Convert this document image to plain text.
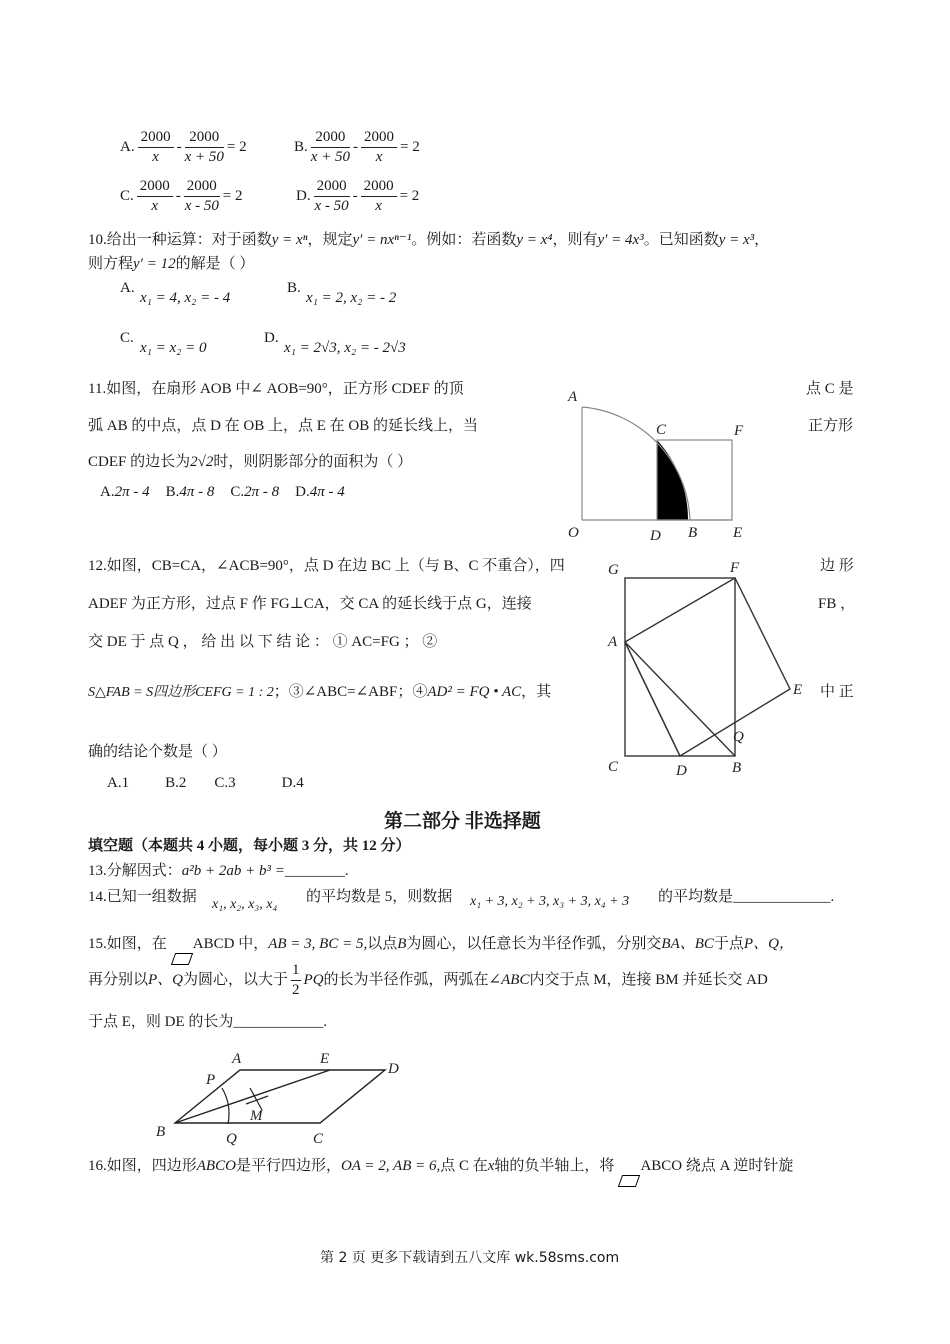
A. $\frac{2000}{x} - \frac{2000}{x + 50} = 2$	B. $\frac{2000}{x + 50} - \frac{2000}{x} = 2$
C. $\frac{2000}{x} - \frac{2000}{x - 50} = 2$	D. $\frac{2000}{x - 50} - \frac{2000}{x} = 2$
10.给出一种运算：对于函数y = xⁿ，规定y′ = nxⁿ⁻¹。例如：若函数y = x⁴，则有y′ = 4x³。已知函数y = x³，
则方程y′ = 12的解是（ ）
A.
x₁ = 4, x₂ = - 4
B.
x₁ = 2, x₂ = - 2
C.
x₁ = x₂ = 0
D.
x₁ = 2√3, x₂ = - 2√3
11.如图，在扇形 AOB 中∠ AOB=90°，正方形 CDEF 的顶	点 C 是
弧 AB 的中点，点 D 在 OB 上，点 E 在 OB 的延长线上，当	正方形
CDEF 的边长为2√2时，则阴影部分的面积为（ ）
A.2π - 4 B.4π - 8 C.2π - 8 D.4π - 4
A
C	F
O	D B E
12.如图，CB=CA，∠ACB=90°，点 D 在边 BC 上（与 B、C 不重合），四	边 形
ADEF 为正方形，过点 F 作 FG⊥CA，交 CA 的延长线于点 G，连接	FB ，
交 DE 于 点 Q ， 给 出 以 下 结 论 ： ① AC=FG ； ②
S△FAB = S四边形CEFG = 1 : 2；③∠ABC=∠ABF；④AD² = FQ • AC，其	中 正
确的结论个数是（ ）
A.1 B.2 C.3	D.4
G	F
A
E
Q
C	D	B
第二部分 非选择题
填空题（本题共 4 小题，每小题 3 分，共 12 分）
13.分解因式：a²b + 2ab + b³ =________.
14.已知一组数据 x₁, x₂, x₃, x₄ 的平均数是 5，则数据 x₁ + 3, x₂ + 3, x₃ + 3, x₄ + 3 的平均数是_____________.
15.如图，在 ABCD 中，AB = 3, BC = 5,以点B为圆心，以任意长为半径作弧，分别交BA、BC于点P、Q，
再分别以P、Q为圆心，以大于 $\frac{1}{2}$ PQ的长为半径作弧，两弧在∠ABC内交于点 M，连接 BM 并延长交 AD
于点 E，则 DE 的长为____________.
A	E
D
P
M
B	Q	C
16.如图，四边形ABCO是平行四边形，OA = 2, AB = 6,点 C 在x轴的负半轴上，将 ABCO 绕点 A 逆时针旋
第 2 页 更多下载请到五八文库 wk.58sms.com
